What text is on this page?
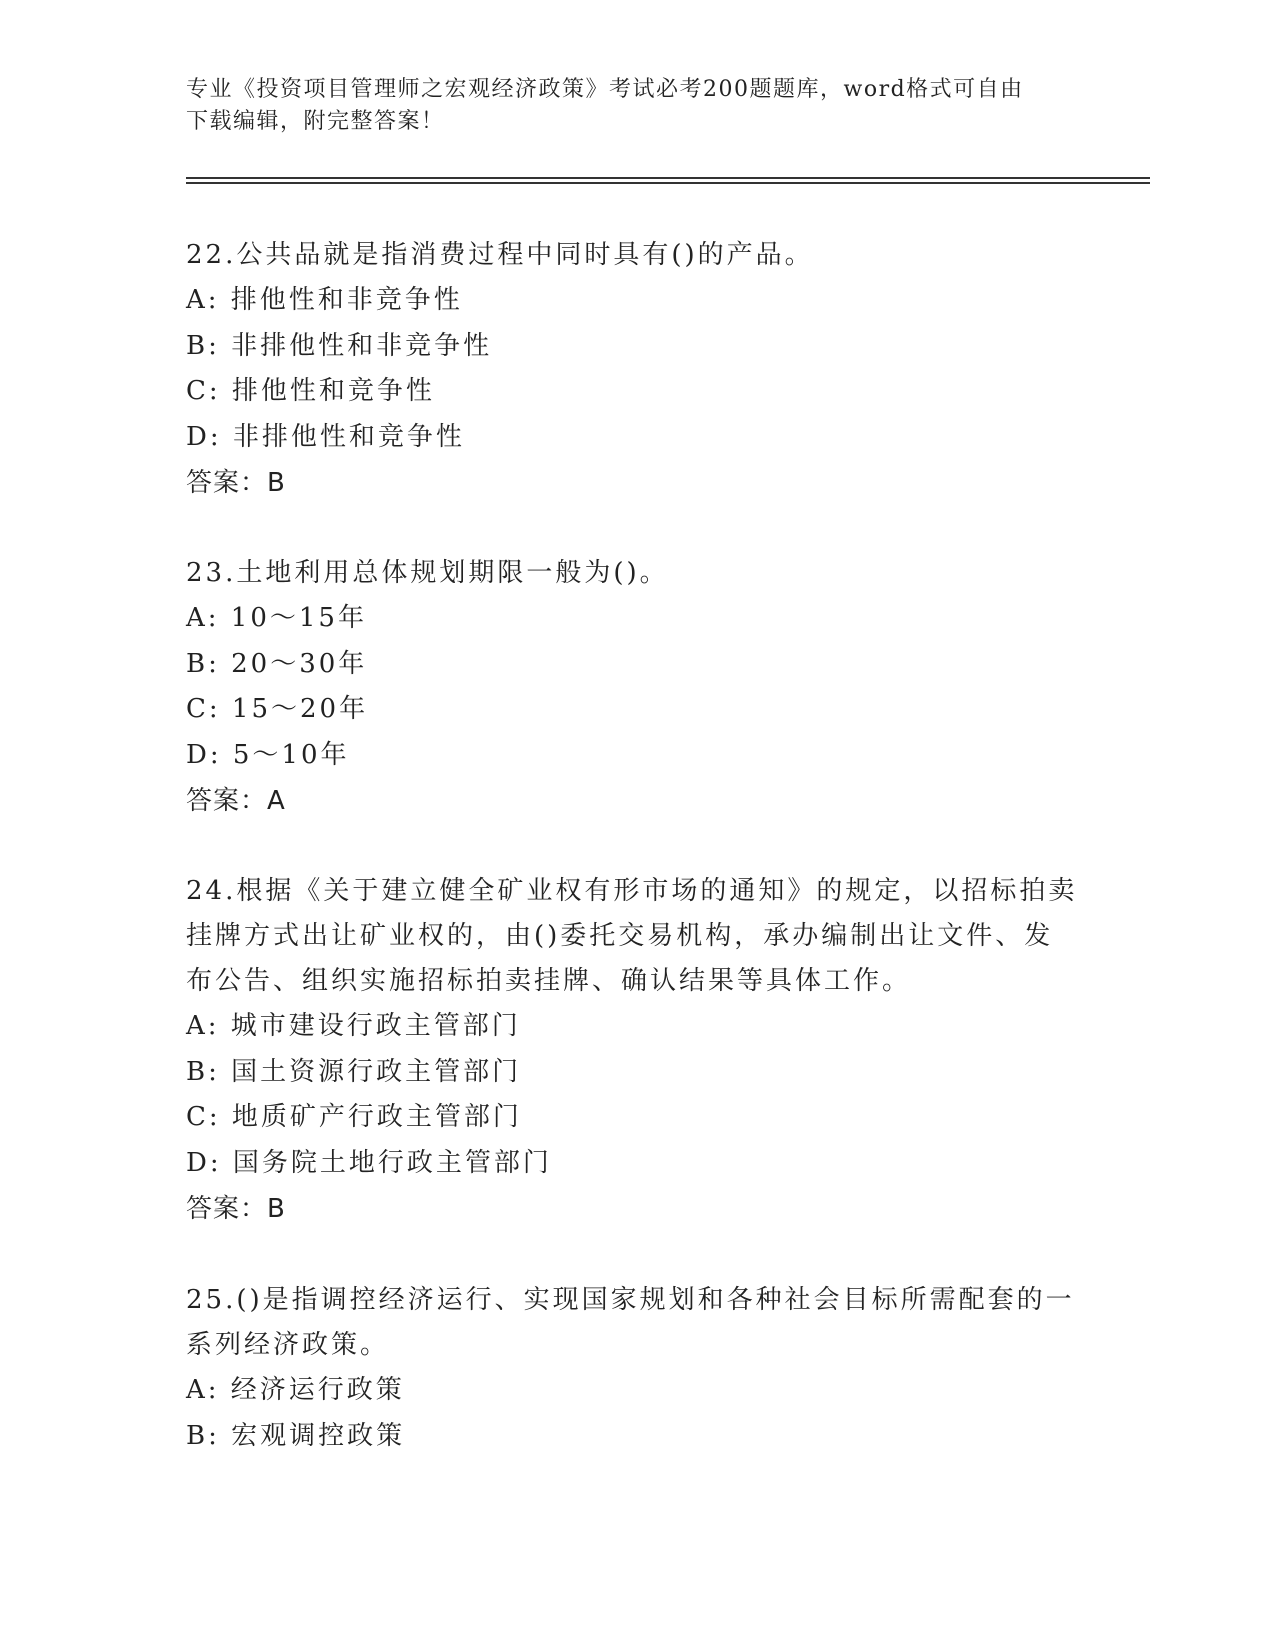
专业《投资项目管理师之宏观经济政策》考试必考200题题库，word格式可自由
下载编辑，附完整答案！
22.公共品就是指消费过程中同时具有()的产品。
A: 排他性和非竞争性
B: 非排他性和非竞争性
C: 排他性和竞争性
D: 非排他性和竞争性
答案：B
23.土地利用总体规划期限一般为()。
A: 10～15年
B: 20～30年
C: 15～20年
D: 5～10年
答案：A
24.根据《关于建立健全矿业权有形市场的通知》的规定，以招标拍卖
挂牌方式出让矿业权的，由()委托交易机构，承办编制出让文件、发
布公告、组织实施招标拍卖挂牌、确认结果等具体工作。
A: 城市建设行政主管部门
B: 国土资源行政主管部门
C: 地质矿产行政主管部门
D: 国务院土地行政主管部门
答案：B
25.()是指调控经济运行、实现国家规划和各种社会目标所需配套的一
系列经济政策。
A: 经济运行政策
B: 宏观调控政策
